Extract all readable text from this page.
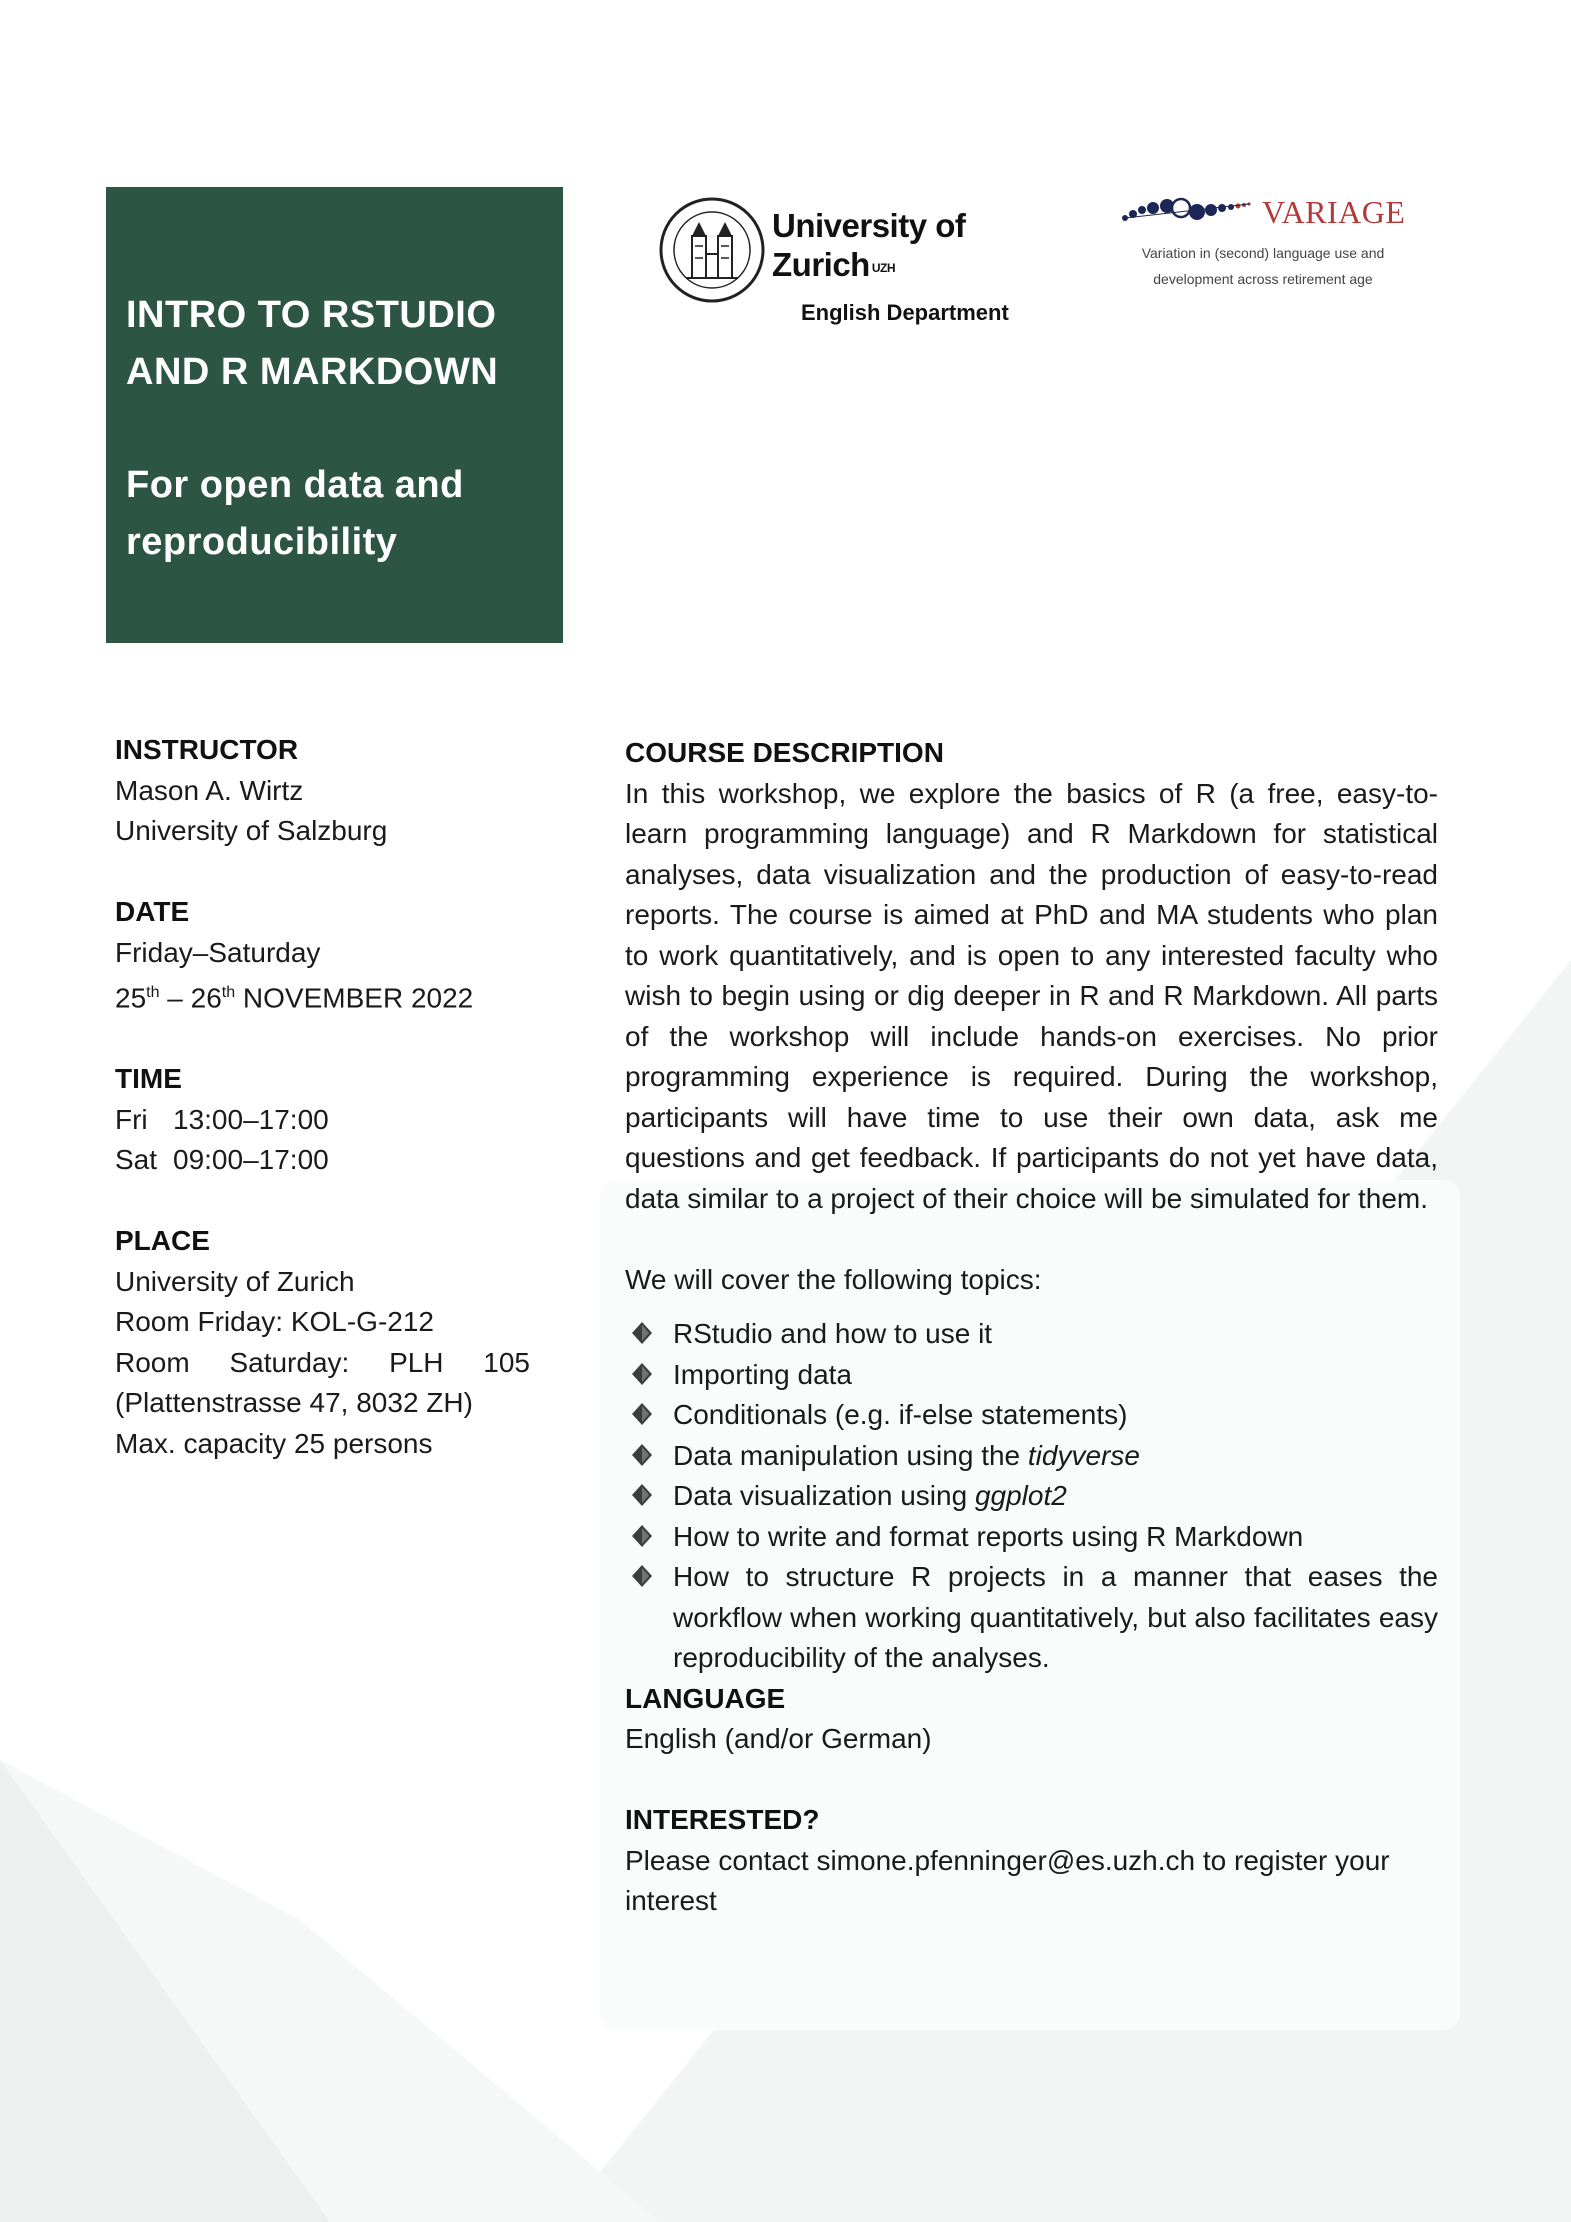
INTRO TO RSTUDIO
AND R MARKDOWN
For open data and
reproducibility
University of
Zurich $^{UZH}$
English Department
VARIAGE
Variation in (second) language use and
development across retirement age
INSTRUCTOR
Mason A. Wirtz
University of Salzburg
DATE
Friday–Saturday
25th – 26th NOVEMBER 2022
TIME
Fri 13:00–17:00
Sat 09:00–17:00
PLACE
University of Zurich
Room Friday: KOL-G-212
Room Saturday: PLH 105
(Plattenstrasse 47, 8032 ZH)
Max. capacity 25 persons
COURSE DESCRIPTION
In this workshop, we explore the basics of R (a free, easy-to-learn programming language) and R Markdown for statistical analyses, data visualization and the production of easy-to-read reports. The course is aimed at PhD and MA students who plan to work quantitatively, and is open to any interested faculty who wish to begin using or dig deeper in R and R Markdown. All parts of the workshop will include hands-on exercises. No prior programming experience is required. During the workshop, participants will have time to use their own data, ask me questions and get feedback. If participants do not yet have data, data similar to a project of their choice will be simulated for them.
We will cover the following topics:
RStudio and how to use it
Importing data
Conditionals (e.g. if-else statements)
Data manipulation using the tidyverse
Data visualization using ggplot2
How to write and format reports using R Markdown
How to structure R projects in a manner that eases the workflow when working quantitatively, but also facilitates easy reproducibility of the analyses.
LANGUAGE
English (and/or German)
INTERESTED?
Please contact simone.pfenninger@es.uzh.ch to register your interest
